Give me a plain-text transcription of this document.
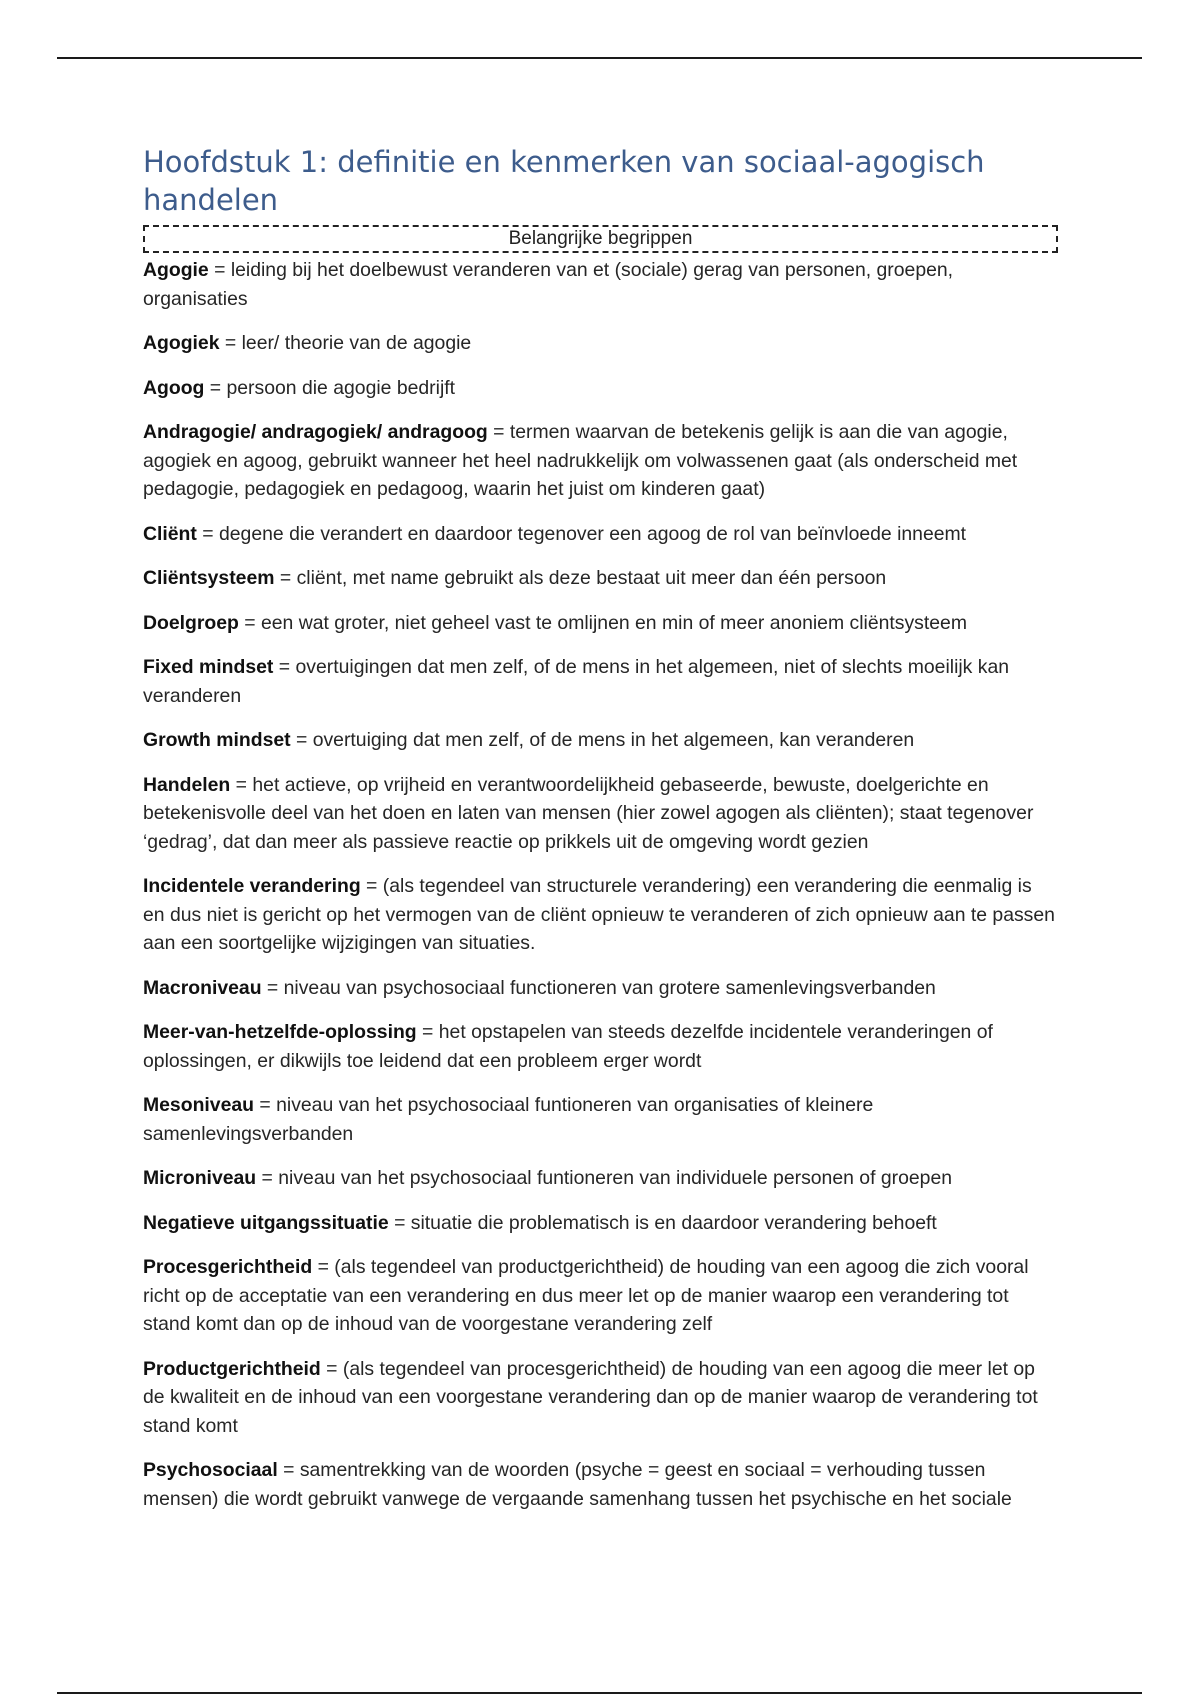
Hoofdstuk 1: definitie en kenmerken van sociaal-agogisch handelen
Belangrijke begrippen
Agogie = leiding bij het doelbewust veranderen van et (sociale) gerag van personen, groepen, organisaties
Agogiek = leer/ theorie van de agogie
Agoog = persoon die agogie bedrijft
Andragogie/ andragogiek/ andragoog = termen waarvan de betekenis gelijk is aan die van agogie, agogiek en agoog, gebruikt wanneer het heel nadrukkelijk om volwassenen gaat (als onderscheid met pedagogie, pedagogiek en pedagoog, waarin het juist om kinderen gaat)
Cliënt = degene die verandert en daardoor tegenover een agoog de rol van beïnvloede inneemt
Cliëntsysteem = cliënt, met name gebruikt als deze bestaat uit meer dan één persoon
Doelgroep = een wat groter, niet geheel vast te omlijnen en min of meer anoniem cliëntsysteem
Fixed mindset = overtuigingen dat men zelf, of de mens in het algemeen, niet of slechts moeilijk kan veranderen
Growth mindset = overtuiging dat men zelf, of de mens in het algemeen, kan veranderen
Handelen = het actieve, op vrijheid en verantwoordelijkheid gebaseerde, bewuste, doelgerichte en betekenisvolle deel van het doen en laten van mensen (hier zowel agogen als cliënten); staat tegenover ‘gedrag’, dat dan meer als passieve reactie op prikkels uit de omgeving wordt gezien
Incidentele verandering = (als tegendeel van structurele verandering) een verandering die eenmalig is en dus niet is gericht op het vermogen van de cliënt opnieuw te veranderen of zich opnieuw aan te passen aan een soortgelijke wijzigingen van situaties.
Macroniveau = niveau van psychosociaal functioneren van grotere samenlevingsverbanden
Meer-van-hetzelfde-oplossing = het opstapelen van steeds dezelfde incidentele veranderingen of oplossingen, er dikwijls toe leidend dat een probleem erger wordt
Mesoniveau = niveau van het psychosociaal funtioneren van organisaties of kleinere samenlevingsverbanden
Microniveau = niveau van het psychosociaal funtioneren van individuele personen of groepen
Negatieve uitgangssituatie = situatie die problematisch is en daardoor verandering behoeft
Procesgerichtheid = (als tegendeel van productgerichtheid) de houding van een agoog die zich vooral richt op de acceptatie van een verandering en dus meer let op de manier waarop een verandering tot stand komt dan op de inhoud van de voorgestane verandering zelf
Productgerichtheid = (als tegendeel van procesgerichtheid) de houding van een agoog die meer let op de kwaliteit en de inhoud van een voorgestane verandering dan op de manier waarop de verandering tot stand komt
Psychosociaal = samentrekking van de woorden (psyche = geest en sociaal = verhouding tussen mensen) die wordt gebruikt vanwege de vergaande samenhang tussen het psychische en het sociale
